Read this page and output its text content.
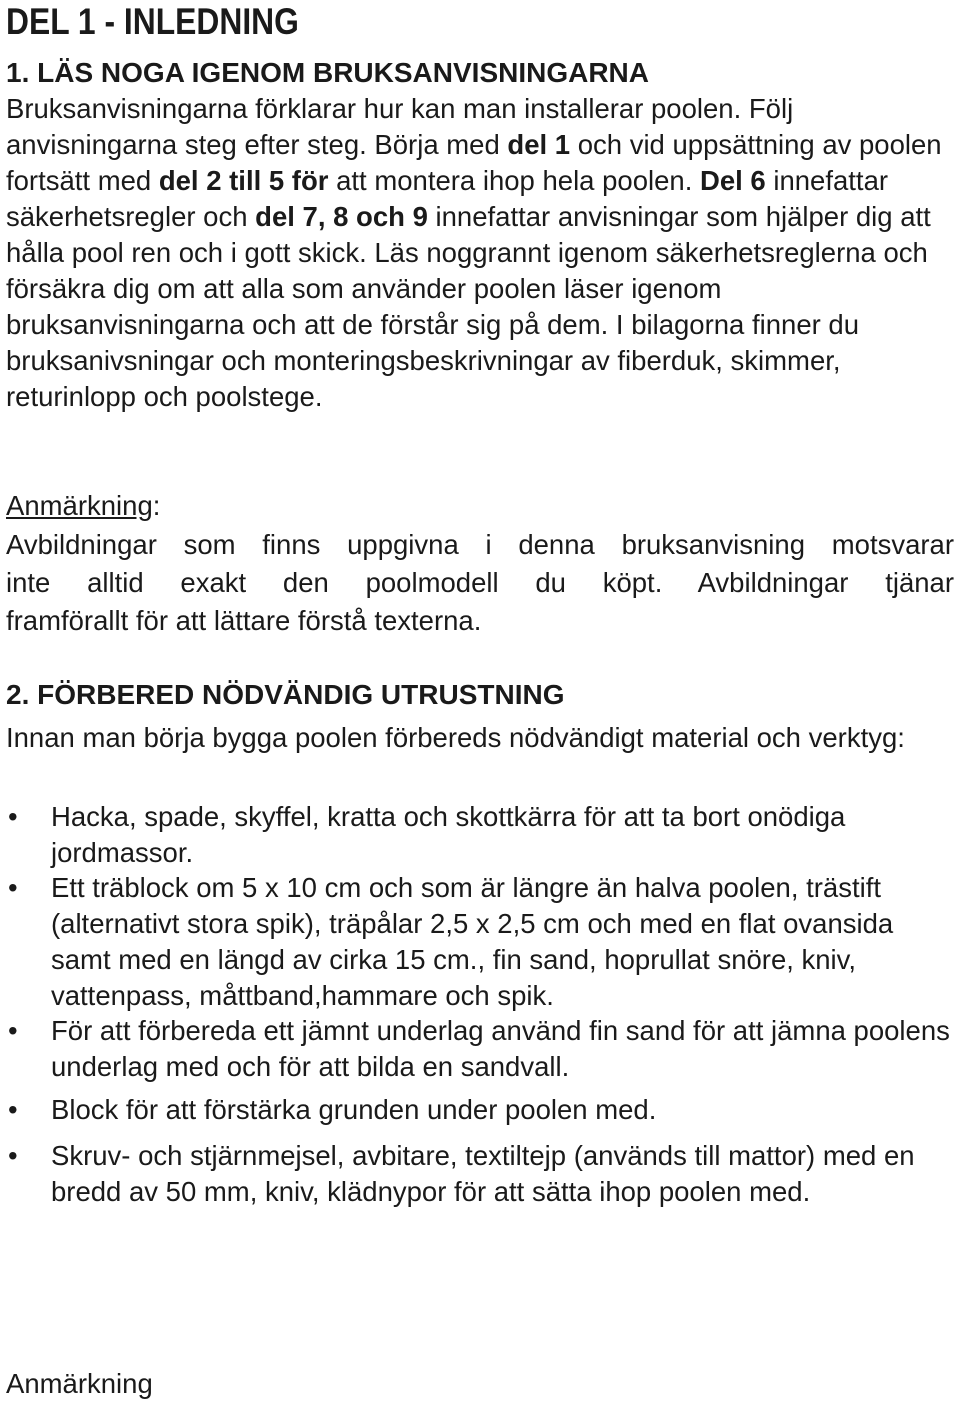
DEL 1 - INLEDNING
1. LÄS NOGA IGENOM BRUKSANVISNINGARNA

Bruksanvisningarna förklarar hur kan man installerar poolen. Följ anvisningarna steg efter steg. Börja med del 1 och vid uppsättning av poolen fortsätt med del 2 till 5 för att montera ihop hela poolen. Del 6 innefattar säkerhetsregler och del 7, 8 och 9 innefattar anvisningar som hjälper dig att hålla pool ren och i gott skick. Läs noggrannt igenom säkerhetsreglerna och försäkra dig om att alla som använder poolen läser igenom bruksanvisningarna och att de förstår sig på dem. I bilagorna finner du bruksanivsningar och monteringsbeskrivningar av fiberduk, skimmer, returinlopp och poolstege.

Anmärkning:

Avbildningar som finns uppgivna i denna bruksanvisning motsvarar
inte alltid exakt den poolmodell du köpt. Avbildningar tjänar
framförallt för att lättare förstå texterna.
2. FÖRBERED NÖDVÄNDIG UTRUSTNING

Innan man börja bygga poolen förbereds nödvändigt material och verktyg:

•	Hacka, spade, skyffel, kratta och skottkärra för att ta bort onödiga jordmassor.
•	Ett träblock om 5 x 10 cm och som är längre än halva poolen, trästift (alternativt stora spik), träpålar 2,5 x 2,5 cm och med en flat ovansida samt med en längd av cirka 15 cm., fin sand, hoprullat snöre, kniv, vattenpass, måttband,hammare och spik.
•	För att förbereda ett jämnt underlag använd fin sand för att jämna poolens underlag med och för att bilda en sandvall.
•	Block för att förstärka grunden under poolen med.
•	Skruv- och stjärnmejsel, avbitare, textiltejp (används till mattor) med en bredd av 50 mm, kniv, klädnypor för att sätta ihop poolen med.
Anmärkning
